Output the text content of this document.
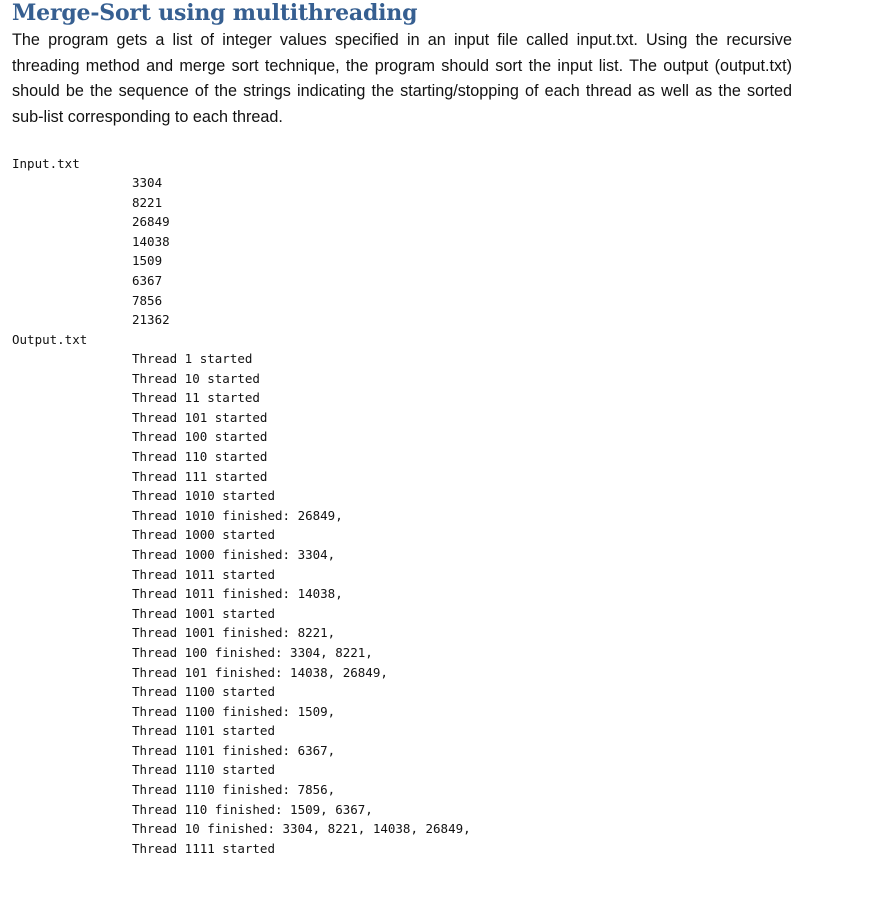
Merge-Sort using multithreading

The program gets a list of integer values specified in an input file called input.txt. Using the recursive threading method and merge sort technique, the program should sort the input list. The output (output.txt) should be the sequence of the strings indicating the starting/stopping of each thread as well as the sorted sub-list corresponding to each thread.

Input.txt
3304
8221
26849
14038
1509
6367
7856
21362
Output.txt
Thread 1 started
Thread 10 started
Thread 11 started
Thread 101 started
Thread 100 started
Thread 110 started
Thread 111 started
Thread 1010 started
Thread 1010 finished: 26849,
Thread 1000 started
Thread 1000 finished: 3304,
Thread 1011 started
Thread 1011 finished: 14038,
Thread 1001 started
Thread 1001 finished: 8221,
Thread 100 finished: 3304, 8221,
Thread 101 finished: 14038, 26849,
Thread 1100 started
Thread 1100 finished: 1509,
Thread 1101 started
Thread 1101 finished: 6367,
Thread 1110 started
Thread 1110 finished: 7856,
Thread 110 finished: 1509, 6367,
Thread 10 finished: 3304, 8221, 14038, 26849,
Thread 1111 started
